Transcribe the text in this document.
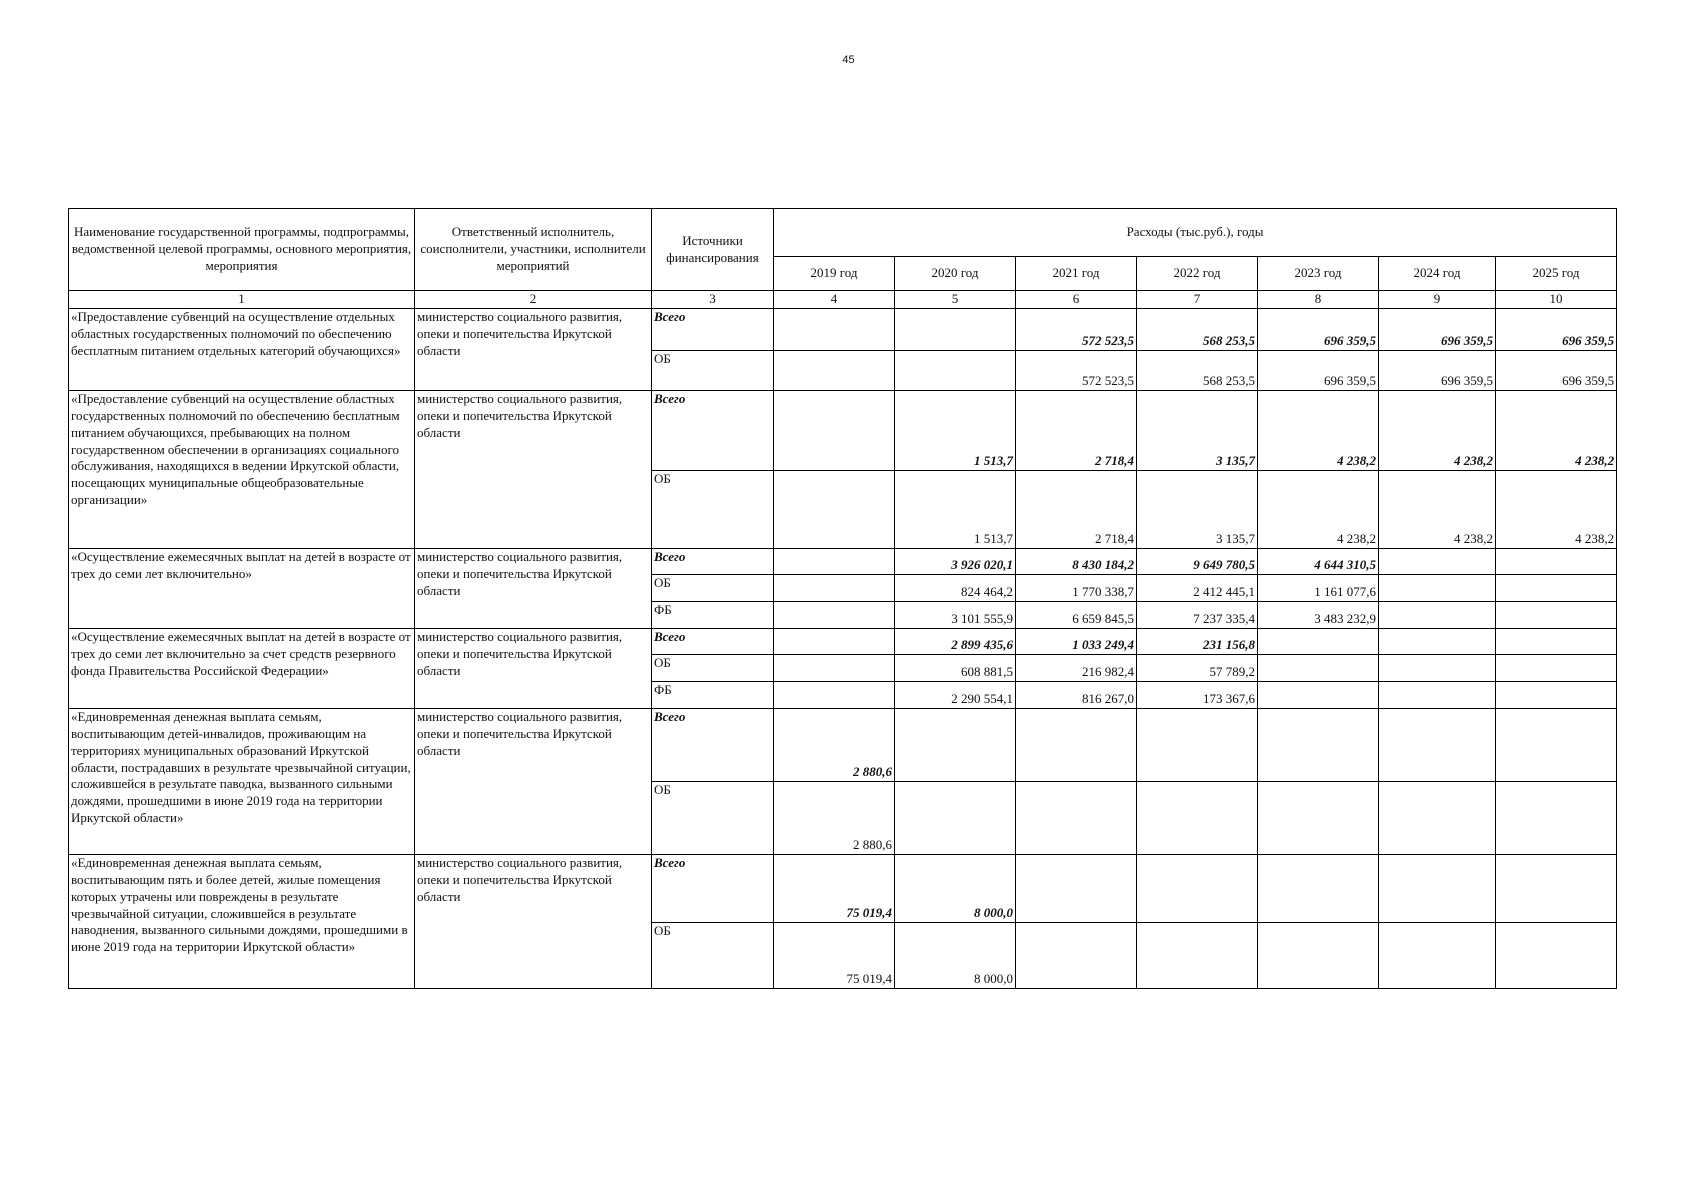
45
Наименование государственной программы, подпрограммы, ведомственной целевой программы, основного мероприятия, мероприятия	Ответственный исполнитель, соисполнители, участники, исполнители мероприятий	Источники финансирования	Расходы (тыс.руб.), годы						
			2019 год	2020 год	2021 год	2022 год	2023 год	2024 год	2025 год
1	2	3	4	5	6	7	8	9	10
«Предоставление субвенций на осуществление отдельных областных государственных полномочий по обеспечению бесплатным питанием отдельных категорий обучающихся»	министерство социального развития, опеки и попечительства Иркутской области	Всего			572 523,5	568 253,5	696 359,5	696 359,5	696 359,5
		ОБ			572 523,5	568 253,5	696 359,5	696 359,5	696 359,5
«Предоставление субвенций на осуществление областных государственных полномочий по обеспечению бесплатным питанием обучающихся, пребывающих на полном государственном обеспечении в организациях социального обслуживания, находящихся в ведении Иркутской области, посещающих муниципальные общеобразовательные организации»	министерство социального развития, опеки и попечительства Иркутской области	Всего		1 513,7	2 718,4	3 135,7	4 238,2	4 238,2	4 238,2
		ОБ		1 513,7	2 718,4	3 135,7	4 238,2	4 238,2	4 238,2
«Осуществление ежемесячных выплат на детей в возрасте от трех до семи лет включительно»	министерство социального развития, опеки и попечительства Иркутской области	Всего		3 926 020,1	8 430 184,2	9 649 780,5	4 644 310,5		
		ОБ		824 464,2	1 770 338,7	2 412 445,1	1 161 077,6		
		ФБ		3 101 555,9	6 659 845,5	7 237 335,4	3 483 232,9		
«Осуществление ежемесячных выплат на детей в возрасте от трех до семи лет включительно за счет средств резервного фонда Правительства Российской Федерации»	министерство социального развития, опеки и попечительства Иркутской области	Всего		2 899 435,6	1 033 249,4	231 156,8			
		ОБ		608 881,5	216 982,4	57 789,2			
		ФБ		2 290 554,1	816 267,0	173 367,6			
«Единовременная денежная выплата семьям, воспитывающим детей-инвалидов, проживающим на территориях муниципальных образований Иркутской области, пострадавших в результате чрезвычайной ситуации, сложившейся в результате паводка, вызванного сильными дождями, прошедшими в июне 2019 года на территории Иркутской области»	министерство социального развития, опеки и попечительства Иркутской области	Всего	2 880,6						
		ОБ	2 880,6						
«Единовременная денежная выплата семьям, воспитывающим пять и более детей, жилые помещения которых утрачены или повреждены в результате чрезвычайной ситуации, сложившейся в результате наводнения, вызванного сильными дождями, прошедшими в июне 2019 года на территории Иркутской области»	министерство социального развития, опеки и попечительства Иркутской области	Всего	75 019,4	8 000,0					
		ОБ	75 019,4	8 000,0					
